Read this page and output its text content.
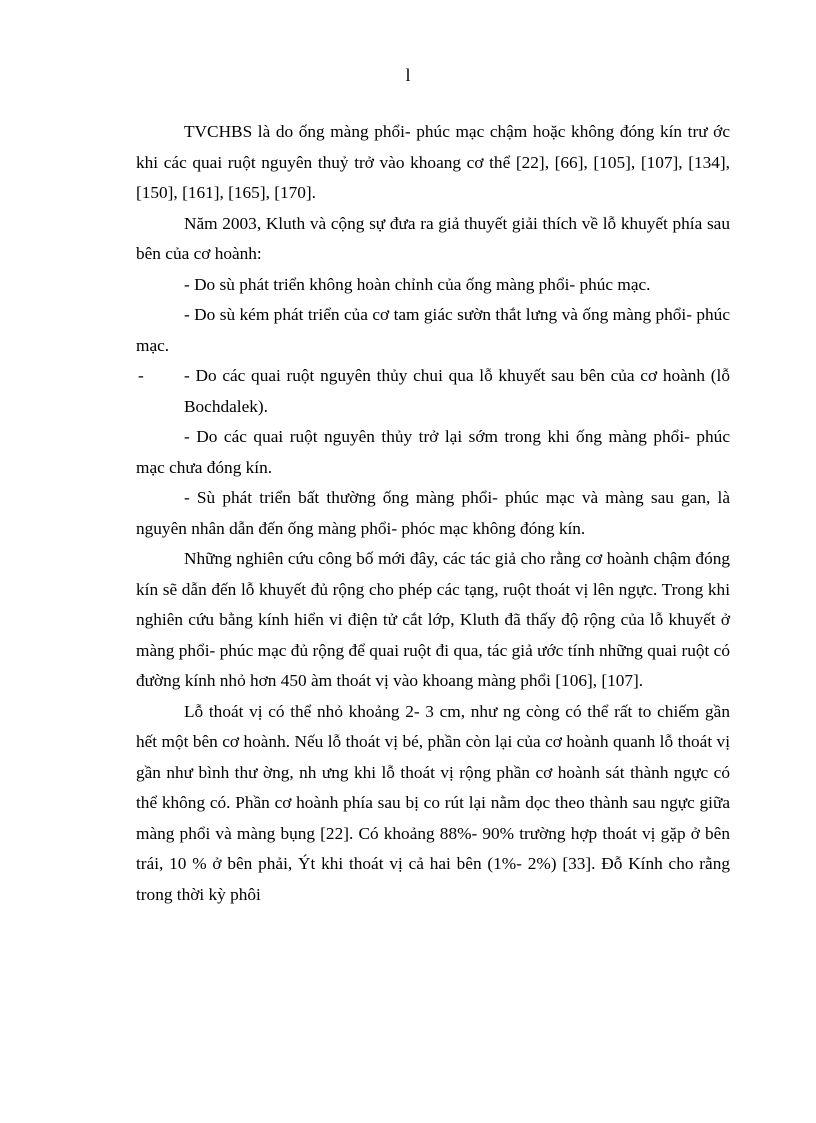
l

TVCHBS là do ống màng phổi- phúc mạc chậm hoặc không đóng kín trư ớc khi các quai ruột nguyên thuỷ trở vào khoang cơ thể [22], [66], [105], [107], [134], [150], [161], [165], [170].

Năm 2003, Kluth và cộng sự đưa ra giả thuyết giải thích về lỗ khuyết phía sau bên của cơ hoành:

- Do sù phát triển không hoàn chỉnh của ống màng phổi- phúc mạc.

- Do sù kém phát triển của cơ tam giác sườn thắt lưng và ống màng phổi- phúc mạc.

-	- Do các quai ruột nguyên thủy chui qua lỗ khuyết sau bên của cơ hoành (lỗ Bochdalek).

- Do các quai ruột nguyên thủy trở lại sớm trong khi ống màng phổi- phúc mạc chưa đóng kín.

- Sù phát triển bất thường ống màng phổi- phúc mạc và màng sau gan, là nguyên nhân dẫn đến ống màng phổi- phóc mạc không đóng kín.

Những nghiên cứu công bố mới đây, các tác giả cho rằng cơ hoành chậm đóng kín sẽ dẫn đến lỗ khuyết đủ rộng cho phép các tạng, ruột thoát vị lên ngực. Trong khi nghiên cứu bằng kính hiển vi điện tử cắt lớp, Kluth đã thấy độ rộng của lỗ khuyết ở màng phổi- phúc mạc đủ rộng để quai ruột đi qua, tác giả ước tính những quai ruột có đường kính nhỏ hơn 450 àm thoát vị vào khoang màng phổi [106], [107].

Lỗ thoát vị có thể nhỏ khoảng 2- 3 cm, như ng còng có thể rất to chiếm gần hết một bên cơ hoành. Nếu lỗ thoát vị bé, phần còn lại của cơ hoành quanh lỗ thoát vị gần như bình thư ờng, nh ưng khi lỗ thoát vị rộng phần cơ hoành sát thành ngực có thể không có. Phần cơ hoành phía sau bị co rút lại nằm dọc theo thành sau ngực giữa màng phổi và màng bụng [22]. Có khoảng 88%- 90% trường hợp thoát vị gặp ở bên trái, 10 % ở bên phải, Ýt khi thoát vị cả hai bên (1%- 2%) [33]. Đỗ Kính cho rằng trong thời kỳ phôi
